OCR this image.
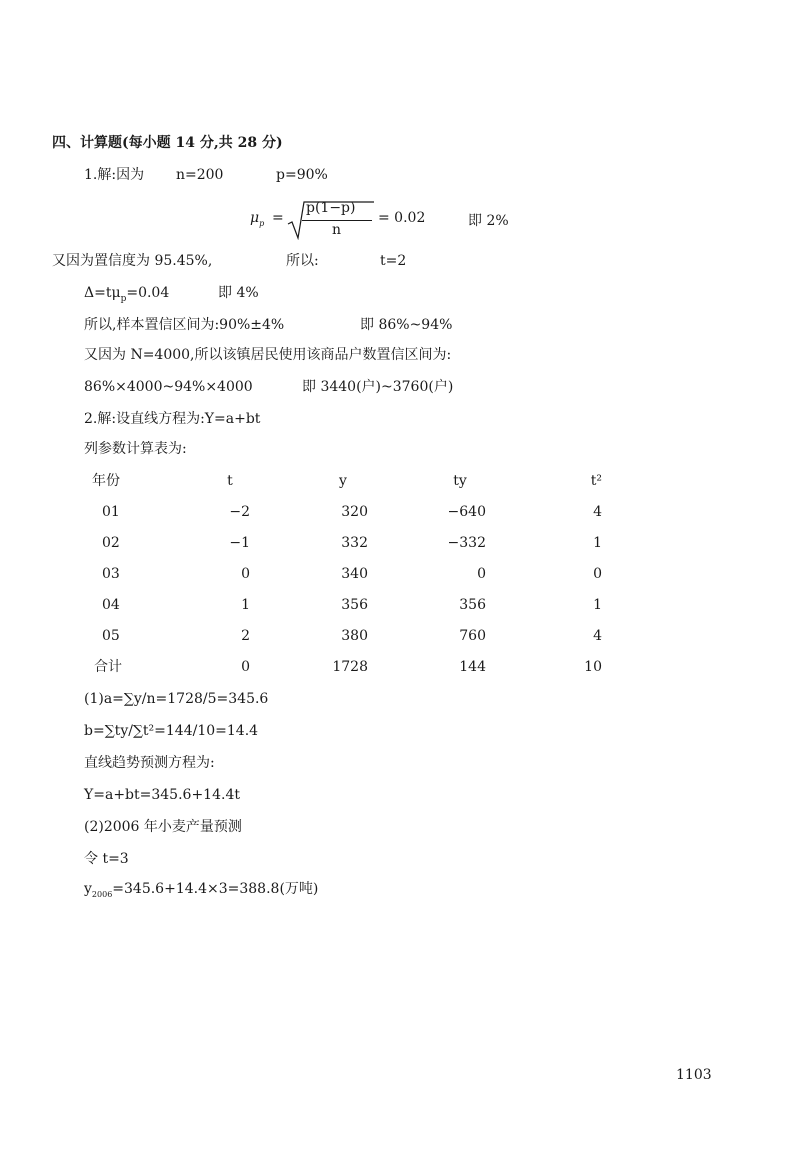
四、计算题(每小题 14 分,共 28 分)
1.解:因为 n=200	p=90%
$\mu_p$ =
p(1−p)
n
= 0.02	即 2%
又因为置信度为 95.45%,	所以:	t=2
$\Delta=t\mu_p=0.04$	即 4%
所以,样本置信区间为:90%±4%	即 86%~94%
又因为 N=4000,所以该镇居民使用该商品户数置信区间为:
86%×4000~94%×4000	即 3440(户)~3760(户)
2.解:设直线方程为:Y=a+bt
列参数计算表为:
年份	t	y	ty	t²
01	−2	320	−640	4
02	−1	332	−332	1
03	0	340	0	0
04	1	356	356	1
05	2	380	760	4
合计	0	1728	144	10
(1)a=∑y/n=1728/5=345.6
b=∑ty/∑t²=144/10=14.4
直线趋势预测方程为:
Y=a+bt=345.6+14.4t
(2)2006 年小麦产量预测
令 t=3
$y_{2006}=345.6+14.4\times 3=388.8$(万吨)
1103
